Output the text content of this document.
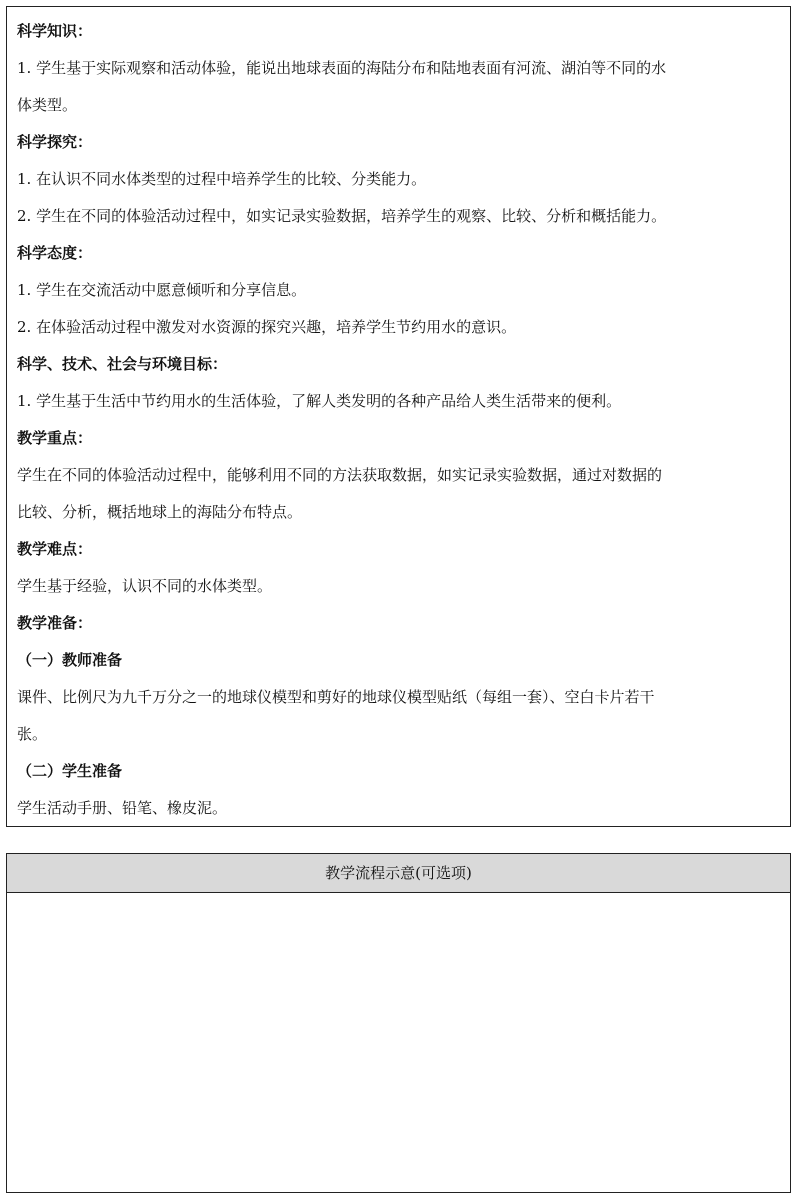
科学知识：
1. 学生基于实际观察和活动体验，能说出地球表面的海陆分布和陆地表面有河流、湖泊等不同的水
体类型。
科学探究：
1. 在认识不同水体类型的过程中培养学生的比较、分类能力。
2. 学生在不同的体验活动过程中，如实记录实验数据，培养学生的观察、比较、分析和概括能力。
科学态度：
1. 学生在交流活动中愿意倾听和分享信息。
2. 在体验活动过程中激发对水资源的探究兴趣，培养学生节约用水的意识。
科学、技术、社会与环境目标：
1. 学生基于生活中节约用水的生活体验，了解人类发明的各种产品给人类生活带来的便利。
教学重点：
学生在不同的体验活动过程中，能够利用不同的方法获取数据，如实记录实验数据，通过对数据的
比较、分析，概括地球上的海陆分布特点。
教学难点：
学生基于经验，认识不同的水体类型。
教学准备：
（一）教师准备
课件、比例尺为九千万分之一的地球仪模型和剪好的地球仪模型贴纸（每组一套）、空白卡片若干
张。
（二）学生准备
学生活动手册、铅笔、橡皮泥。
教学流程示意(可选项)
